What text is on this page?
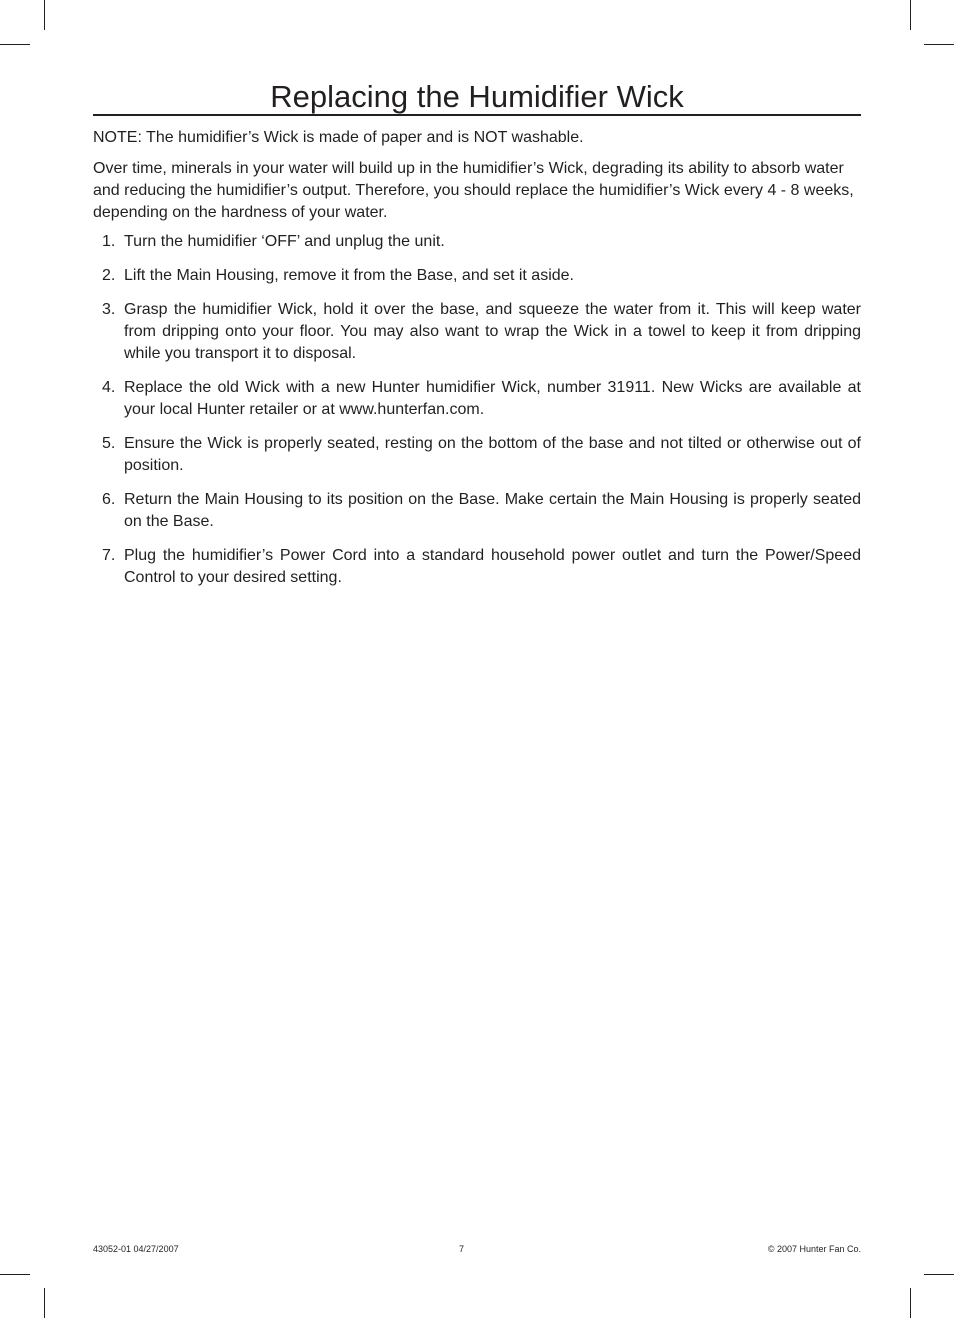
Replacing the Humidifier Wick

NOTE: The humidifier’s Wick is made of paper and is NOT washable.

Over time, minerals in your water will build up in the humidifier’s Wick, degrading its ability to absorb water and reducing the humidifier’s output. Therefore, you should replace the humidifier’s Wick every 4 - 8 weeks, depending on the hardness of your water.

1. Turn the humidifier ‘OFF’ and unplug the unit.
2. Lift the Main Housing, remove it from the Base, and set it aside.
3. Grasp the humidifier Wick, hold it over the base, and squeeze the water from it. This will keep water from dripping onto your floor. You may also want to wrap the Wick in a towel to keep it from dripping while you transport it to disposal.
4. Replace the old Wick with a new Hunter humidifier Wick, number 31911. New Wicks are available at your local Hunter retailer or at www.hunterfan.com.
5. Ensure the Wick is properly seated, resting on the bottom of the base and not tilted or otherwise out of position.
6. Return the Main Housing to its position on the Base. Make certain the Main Housing is properly seated on the Base.
7. Plug the humidifier’s Power Cord into a standard household power outlet and turn the Power/Speed Control to your desired setting.
43052-01 04/27/2007	7	© 2007 Hunter Fan Co.
